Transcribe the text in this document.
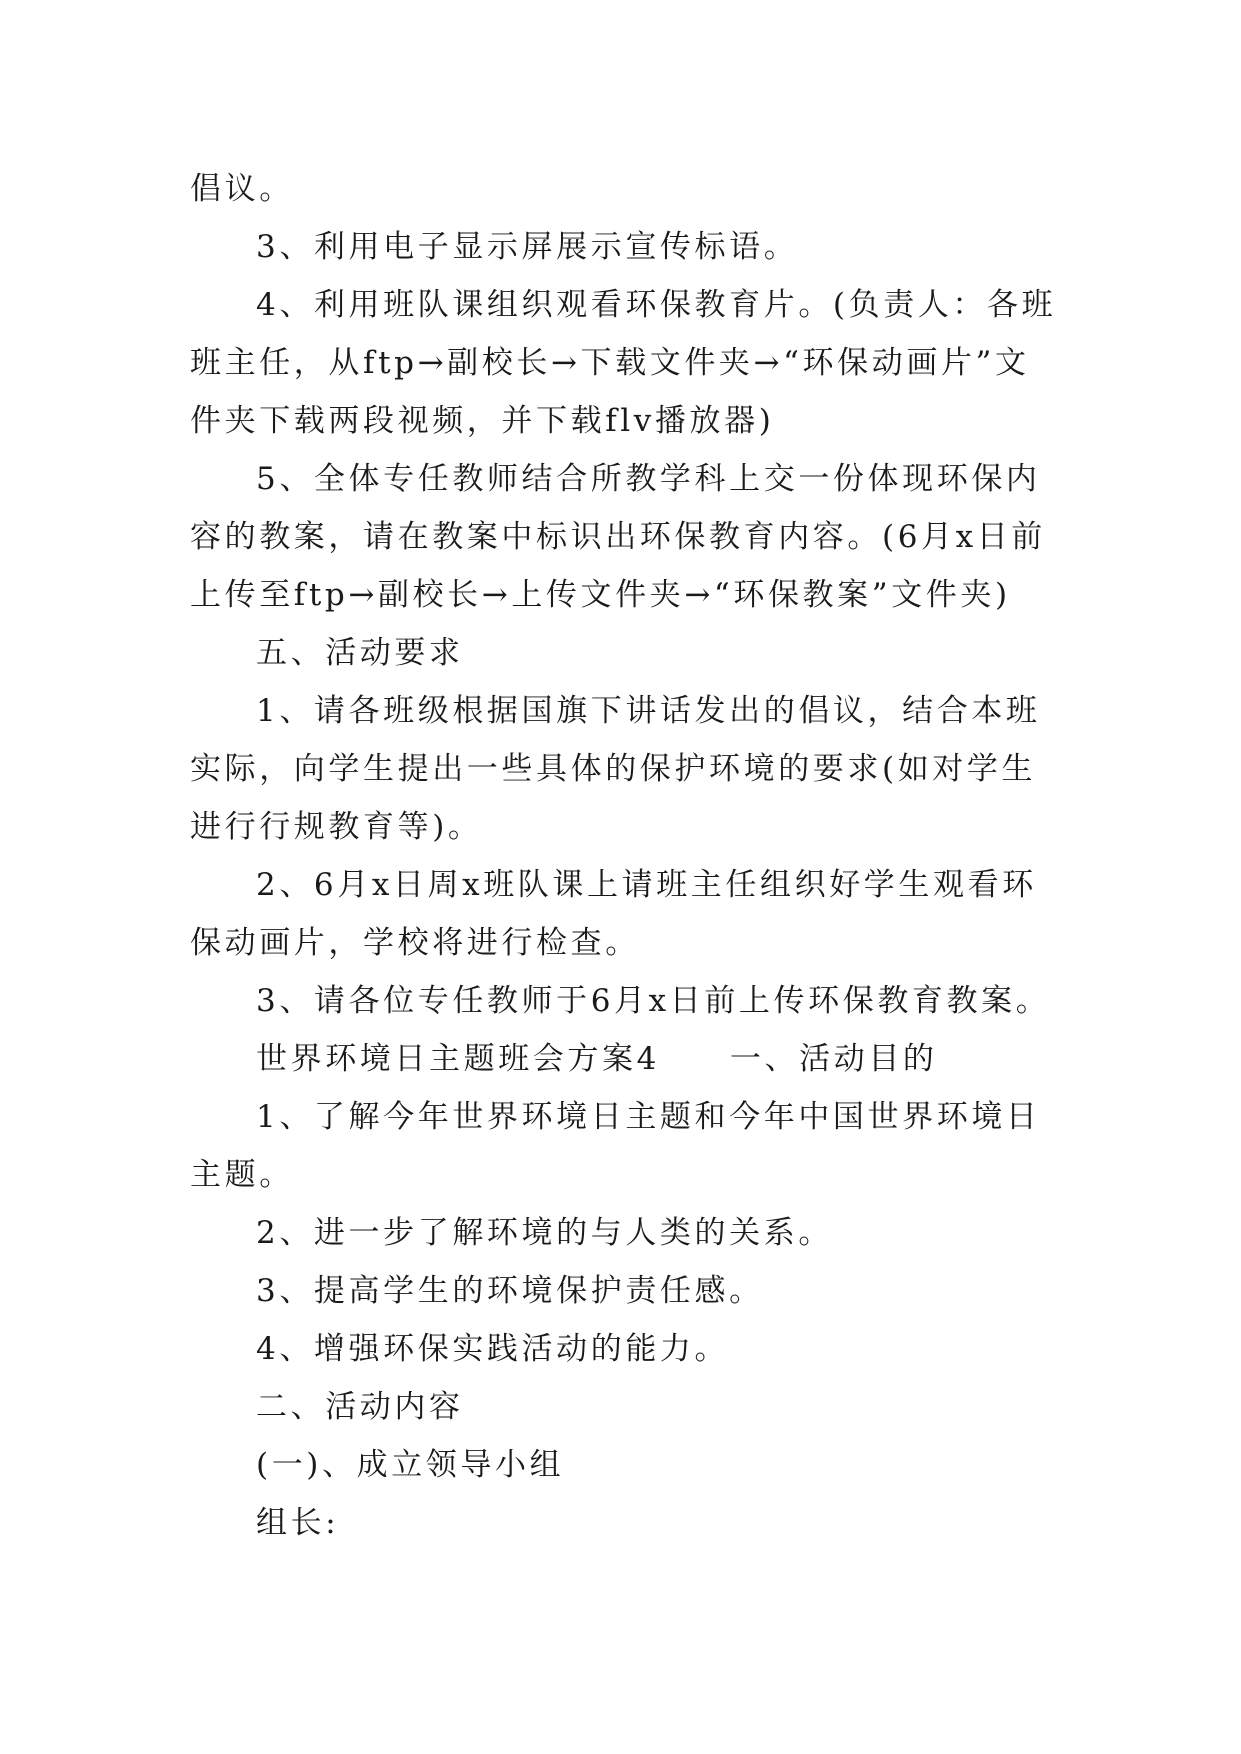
倡议。

3、利用电子显示屏展示宣传标语。

4、利用班队课组织观看环保教育片。(负责人：各班班主任，从ftp→副校长→下载文件夹→“环保动画片”文件夹下载两段视频，并下载flv播放器)

5、全体专任教师结合所教学科上交一份体现环保内容的教案，请在教案中标识出环保教育内容。(6月x日前上传至ftp→副校长→上传文件夹→“环保教案”文件夹)

五、活动要求

1、请各班级根据国旗下讲话发出的倡议，结合本班实际，向学生提出一些具体的保护环境的要求(如对学生进行行规教育等)。

2、6月x日周x班队课上请班主任组织好学生观看环保动画片，学校将进行检查。

3、请各位专任教师于6月x日前上传环保教育教案。

世界环境日主题班会方案4 一、活动目的

1、了解今年世界环境日主题和今年中国世界环境日主题。

2、进一步了解环境的与人类的关系。

3、提高学生的环境保护责任感。

4、增强环保实践活动的能力。

二、活动内容

(一)、成立领导小组

组长:
